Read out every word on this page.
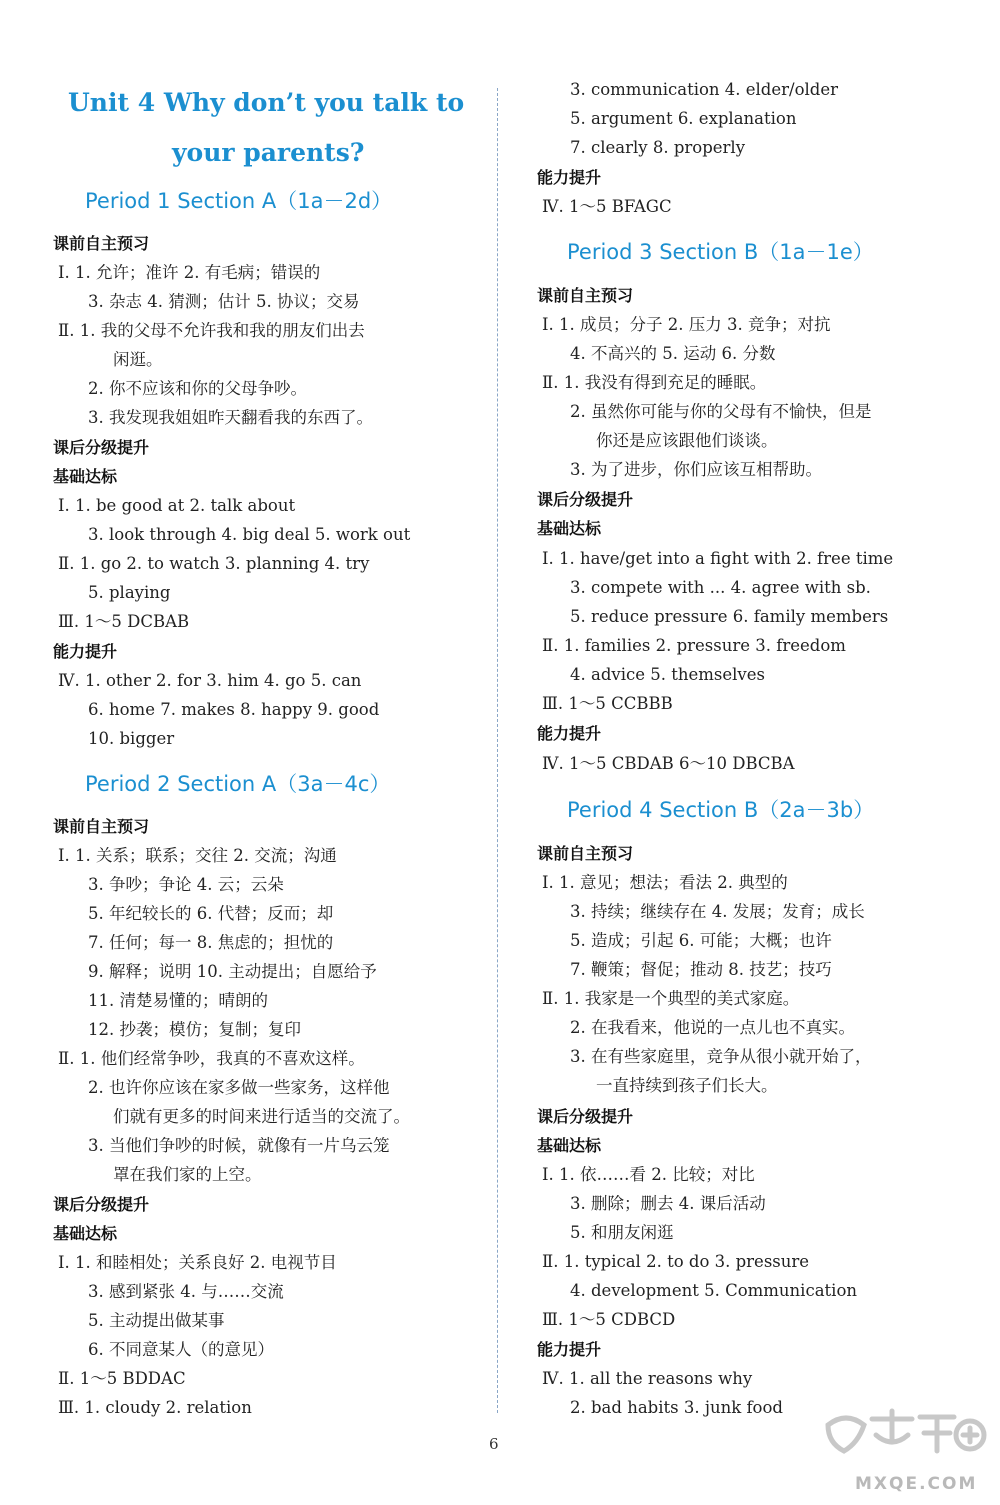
Unit 4 Why don’t you talk to
your parents?
Period 1 Section A（1a－2d）
课前自主预习
Ⅰ. 1. 允许；准许 2. 有毛病；错误的
3. 杂志 4. 猜测；估计 5. 协议；交易
Ⅱ. 1. 我的父母不允许我和我的朋友们出去
闲逛。
2. 你不应该和你的父母争吵。
3. 我发现我姐姐昨天翻看我的东西了。
课后分级提升
基础达标
Ⅰ. 1. be good at 2. talk about
3. look through 4. big deal 5. work out
Ⅱ. 1. go 2. to watch 3. planning 4. try
5. playing
Ⅲ. 1～5 DCBAB
能力提升
Ⅳ. 1. other 2. for 3. him 4. go 5. can
6. home 7. makes 8. happy 9. good
10. bigger
Period 2 Section A（3a－4c）
课前自主预习
Ⅰ. 1. 关系；联系；交往 2. 交流；沟通
3. 争吵；争论 4. 云；云朵
5. 年纪较长的 6. 代替；反而；却
7. 任何；每一 8. 焦虑的；担忧的
9. 解释；说明 10. 主动提出；自愿给予
11. 清楚易懂的；晴朗的
12. 抄袭；模仿；复制；复印
Ⅱ. 1. 他们经常争吵，我真的不喜欢这样。
2. 也许你应该在家多做一些家务，这样他
们就有更多的时间来进行适当的交流了。
3. 当他们争吵的时候，就像有一片乌云笼
罩在我们家的上空。
课后分级提升
基础达标
Ⅰ. 1. 和睦相处；关系良好 2. 电视节目
3. 感到紧张 4. 与……交流
5. 主动提出做某事
6. 不同意某人（的意见）
Ⅱ. 1～5 BDDAC
Ⅲ. 1. cloudy 2. relation
3. communication 4. elder/older
5. argument 6. explanation
7. clearly 8. properly
能力提升
Ⅳ. 1～5 BFAGC
Period 3 Section B（1a－1e）
课前自主预习
Ⅰ. 1. 成员；分子 2. 压力 3. 竞争；对抗
4. 不高兴的 5. 运动 6. 分数
Ⅱ. 1. 我没有得到充足的睡眠。
2. 虽然你可能与你的父母有不愉快，但是
你还是应该跟他们谈谈。
3. 为了进步，你们应该互相帮助。
课后分级提升
基础达标
Ⅰ. 1. have/get into a fight with 2. free time
3. compete with ... 4. agree with sb.
5. reduce pressure 6. family members
Ⅱ. 1. families 2. pressure 3. freedom
4. advice 5. themselves
Ⅲ. 1～5 CCBBB
能力提升
Ⅳ. 1～5 CBDAB 6～10 DBCBA
Period 4 Section B（2a－3b）
课前自主预习
Ⅰ. 1. 意见；想法；看法 2. 典型的
3. 持续；继续存在 4. 发展；发育；成长
5. 造成；引起 6. 可能；大概；也许
7. 鞭策；督促；推动 8. 技艺；技巧
Ⅱ. 1. 我家是一个典型的美式家庭。
2. 在我看来，他说的一点儿也不真实。
3. 在有些家庭里，竞争从很小就开始了，
一直持续到孩子们长大。
课后分级提升
基础达标
Ⅰ. 1. 依……看 2. 比较；对比
3. 删除；删去 4. 课后活动
5. 和朋友闲逛
Ⅱ. 1. typical 2. to do 3. pressure
4. development 5. Communication
Ⅲ. 1～5 CDBCD
能力提升
Ⅳ. 1. all the reasons why
2. bad habits 3. junk food
6
MXQE.COM
